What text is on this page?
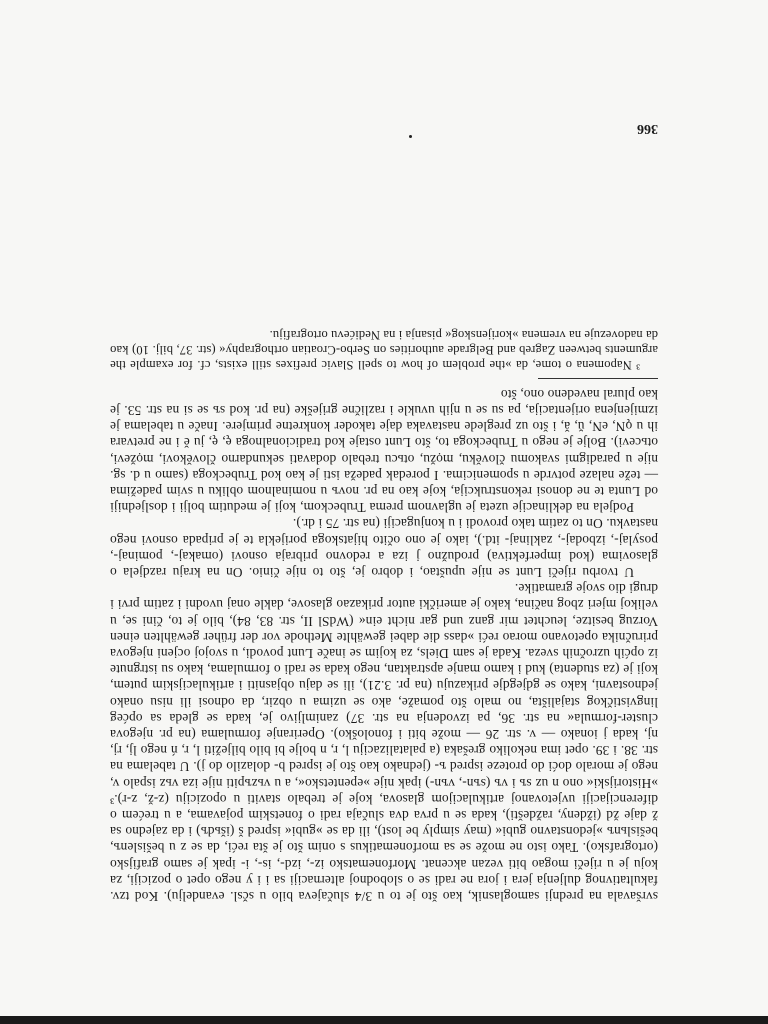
svršavala na prednji samoglasnik, kao što je to u 3/4 slučajeva bilo u sčsl. evandelju). Kod tzv. fakultativnog duljenja jera i jora ne radi se o slobodnoj alternaciji sa i i y nego opet o poziciji, za koju je u riječi mogao biti vezan akcenat. Morfonematsko iz-, izd-, is-, i- ipak je samo grafijsko (ortografsko). Tako isto ne može se sa morfonematikus s onim što je šta reći, da se z u bešislenъ, bešislьnъ »jedonstavno gubi« (may simply be lost), ili da se »gubi« ispred š (išьdъ) i da zajedno sa ž daje žd (iždeny, raždešti), kada se u prva dva slučaja radi o fonetskim pojavama, a u trećem o diferencijaciji uvjetovanoj artikulacijom glasova, koje je trebalo staviti u opoziciju (z-ž, z-r).³ »Historijski« ono n uz sъ i vъ (sъn-, vъn-) ipak nije »epentetsko«, a u vьzъpiti nije iza vьz ispalo v, nego je moralo doći do proteze ispred ъ- (jednako kao što je ispred b- dolazilo do j). U tabelama na str. 38. i 39. opet ima nekoliko grešaka (a palatalizaciju l, r, n bolje bi bilo bilježiti l, r, ń nego lj, rj, nj, kada j ionako — v. str. 26 — može biti i fonološko). Operiranje formulama (na pr. njegova cluster-formula« na str. 36, pa izvodenja na str. 37) zanimljivo je, kada se gleda sa općeg lingvističkog stajališta, no malo što pomaže, ako se uzima u obzir, da odnosi ili nisu onako jednostavni, kako se gdjegdje prikazuju (na pr. 3.21), ili se daju objasniti i artikulacijskim putem, koji je (za studenta) kud i kamo manje apstraktan, nego kada se radi o formulama, kako su istrgnute iz općih uzročnih sveza. Kada je sam Diels, za kojim se inače Lunt povodi, u svojoj ocjeni njegova priručnika opetovano morao reći »dass die dabei gewählte Methode vor der früher gewählten einen Vorzug besitze, leuchtet mir ganz und gar nicht ein« (WdSl II, str. 83, 84), bilo je to, čini se, u velikoj mjeri zbog načina, kako je američki autor prikazao glasove, dakle onaj uvodni i zatim prvi i drugi dio svoje gramatike.

U tvorbu riječi Lunt se nije upuštao, i dobro je, što to nije činio. On na kraju razdjela o glasovima (kod imperfektiva) produžno j iza a redovno pribraja osnovi (omakaj-, pominaj-, posylaj-, izbodaj-, zaklinaj- itd.), iako je ono očito hijatskoga porijekla te je pripada osnovi nego nastavku. On to zatim tako provodi i u konjugaciji (na str. 75 i dr.).

Podjela na deklinacije uzeta je uglavnom prema Trubeckom, koji je medutim bolji i dosljedniji od Lunta te ne donosi rekonstrukcija, koje kao na pr. novъ u nominalnom obliku u svim padežima — teže nalaze potvrde u spomenicima. I poredak padeža isti je kao kod Trubeckoga (samo u d. sg. nije u paradigmi svakomu člověku, mọžu, otьcu trebalo dodavati sekundarno člověkovi, mọževi, otьcevi). Bolje je nego u Trubeckoga to, što Lunt ostaje kod tradicionalnoga ę, ę, ju ě i ne pretvara ih u ǫN, eN, ŭ, ǎ, i što uz preglede nastavaka daje takoder konkretne primjere. Inače u tabelama je izmijenjena orijentacija, pa su se u njih uvukle i različne griješke (na pr. kod sъ se si na str. 53. je kao plural navedeno ono, što

³ Napomena o tome, da »the problem of how to spell Slavic prefixes still exists, cf. for example the arguments between Zagreb and Belgrade authorities on Serbo-Croatian orthography« (str. 37, bilj. 10) kao da nadovezuje na vremena »korijenskog« pisanja i na Nedićevu ortografiju.

366
